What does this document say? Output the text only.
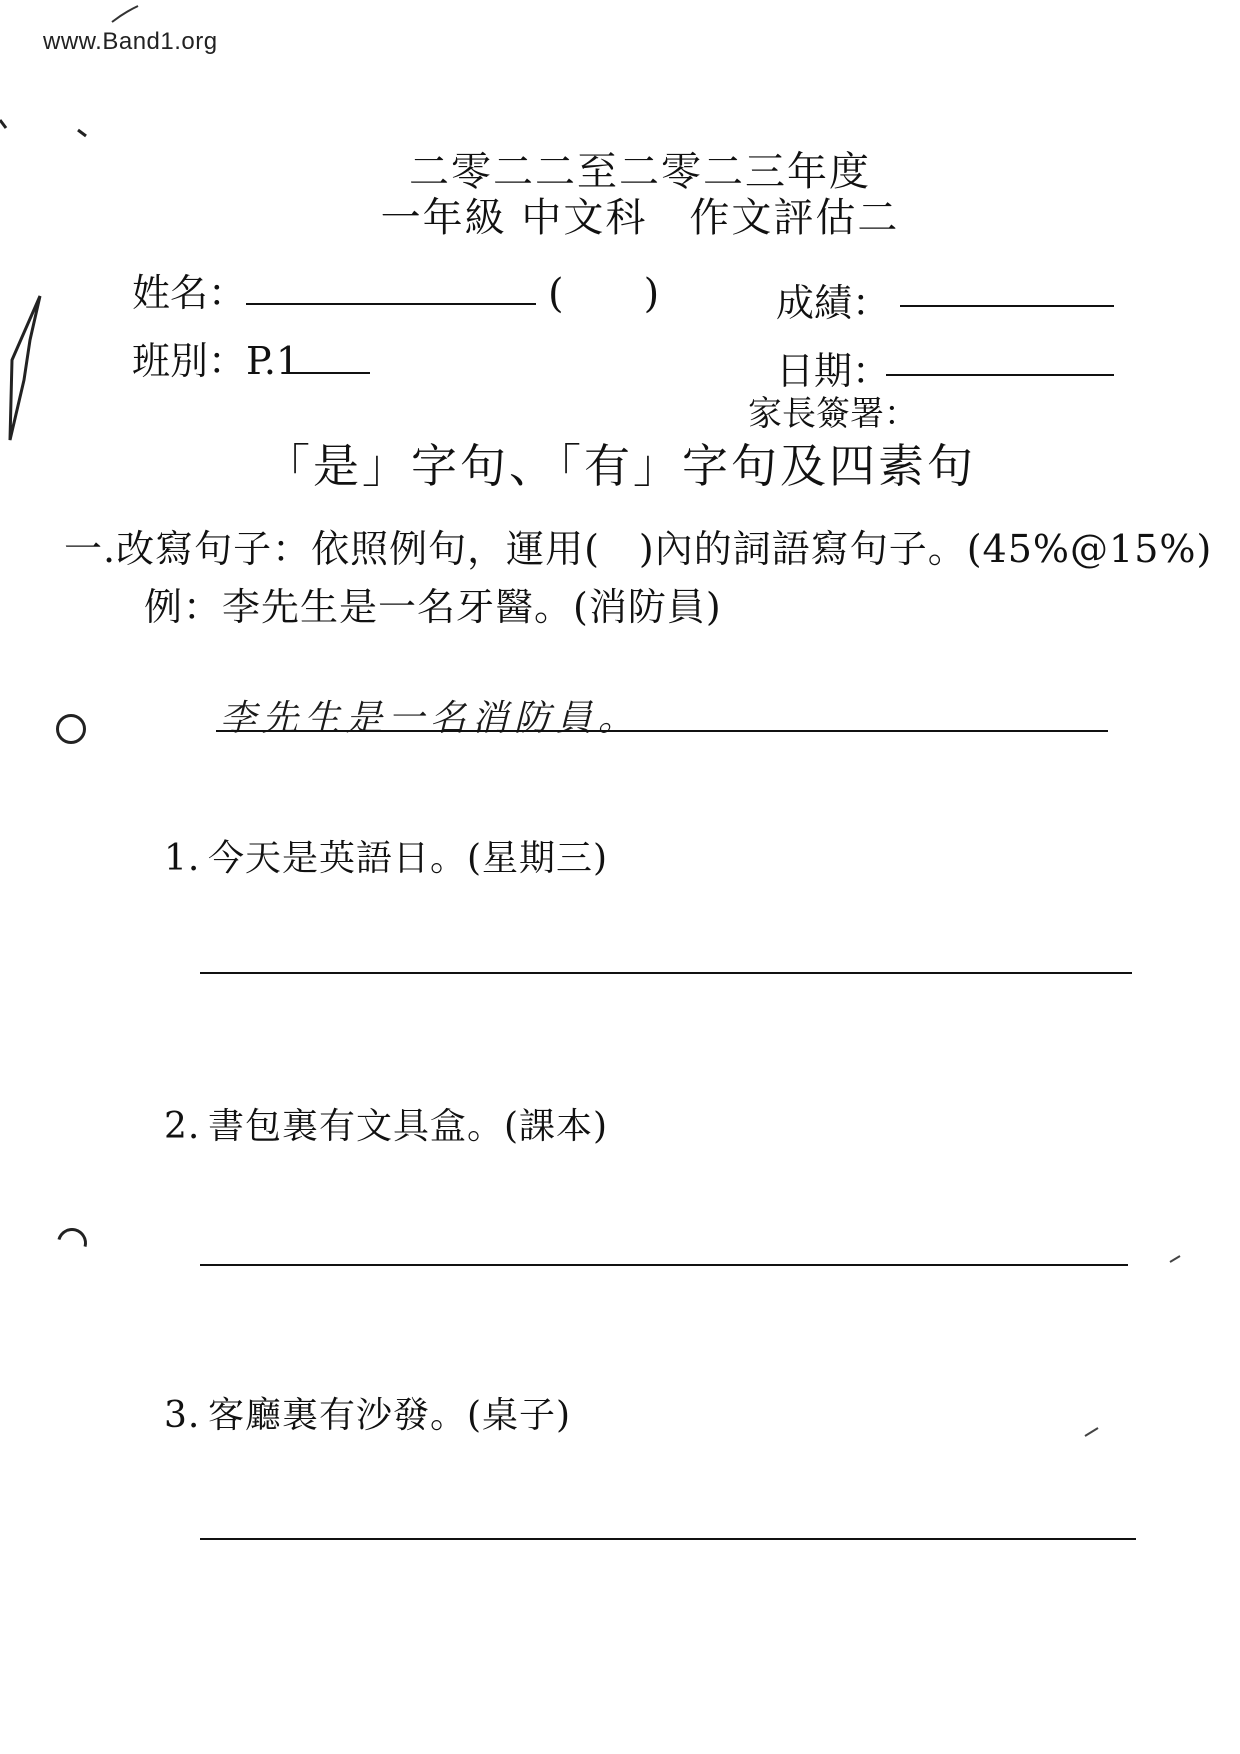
www.Band1.org
二零二二至二零二三年度
一年級 中文科　作文評估二
姓名：	(　　)	成績：
班別：P.1	日期：
家長簽署：
「是」字句、「有」字句及四素句
一.改寫句子：依照例句，運用(　)內的詞語寫句子。(45%@15%)
例：李先生是一名牙醫。(消防員)
李先生是一名消防員。
1. 今天是英語日。(星期三)
2. 書包裏有文具盒。(課本)
3. 客廳裏有沙發。(桌子)
